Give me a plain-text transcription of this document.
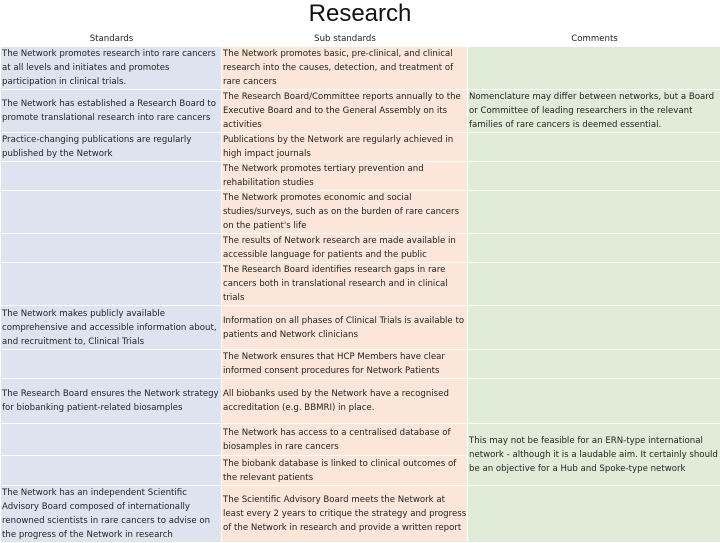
Research
Standards	Sub standards	Comments
The Network promotes research into rare cancers at all levels and initiates and promotes participation in clinical trials.	The Network promotes basic, pre-clinical, and clinical research into the causes, detection, and treatment of rare cancers	
The Network has established a Research Board to promote translational research into rare cancers	The Research Board/Committee reports annually to the Executive Board and to the General Assembly on its activities	Nomenclature may differ between networks, but a Board or Committee of leading researchers in the relevant families of rare cancers is deemed essential.
Practice-changing publications are regularly published by the Network	Publications by the Network are regularly achieved in high impact journals	
	The Network promotes tertiary prevention and rehabilitation studies	
	The Network promotes economic and social studies/surveys, such as on the burden of rare cancers on the patient's life	
	The results of Network research are made available in accessible language for patients and the public	
	The Research Board identifies research gaps in rare cancers both in translational research and in clinical trials	
The Network makes publicly available comprehensive and accessible information about, and recruitment to, Clinical Trials	Information on all phases of Clinical Trials is available to patients and Network clinicians	
	The Network ensures that HCP Members have clear informed consent procedures for Network Patients	
The Research Board ensures the Network strategy for biobanking patient-related biosamples	All biobanks used by the Network have a recognised accreditation (e.g. BBMRI) in place.	
	The Network has access to a centralised database of biosamples in rare cancers	This may not be feasible for an ERN-type international network - although it is a laudable aim. It certainly should be an objective for a Hub and Spoke-type network
	The biobank database is linked to clinical outcomes of the relevant patients	
The Network has an independent Scientific Advisory Board composed of internationally renowned scientists in rare cancers to advise on the progress of the Network in research	The Scientific Advisory Board meets the Network at least every 2 years to critique the strategy and progress of the Network in research and provide a written report	
